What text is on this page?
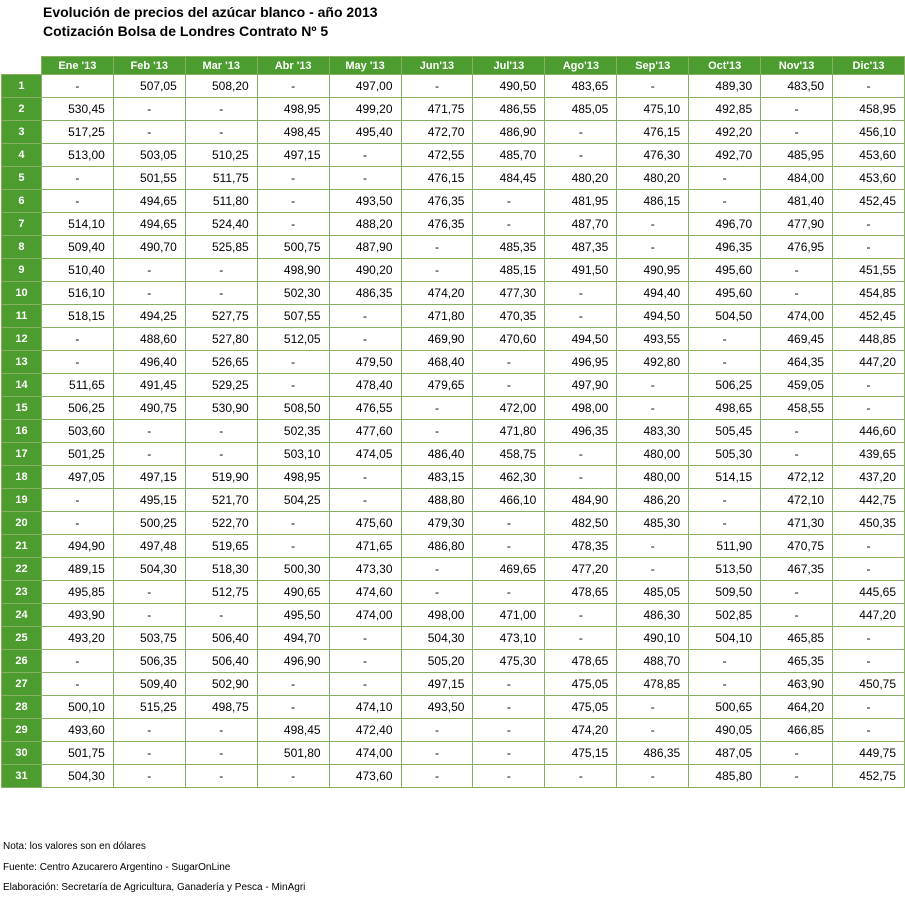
Evolución de precios del azúcar blanco - año 2013
Cotización Bolsa de Londres Contrato Nº 5
	Ene '13	Feb '13	Mar '13	Abr '13	May '13	Jun'13	Jul'13	Ago'13	Sep'13	Oct'13	Nov'13	Dic'13
1	-	507,05	508,20	-	497,00	-	490,50	483,65	-	489,30	483,50	-
2	530,45	-	-	498,95	499,20	471,75	486,55	485,05	475,10	492,85	-	458,95
3	517,25	-	-	498,45	495,40	472,70	486,90	-	476,15	492,20	-	456,10
4	513,00	503,05	510,25	497,15	-	472,55	485,70	-	476,30	492,70	485,95	453,60
5	-	501,55	511,75	-	-	476,15	484,45	480,20	480,20	-	484,00	453,60
6	-	494,65	511,80	-	493,50	476,35	-	481,95	486,15	-	481,40	452,45
7	514,10	494,65	524,40	-	488,20	476,35	-	487,70	-	496,70	477,90	-
8	509,40	490,70	525,85	500,75	487,90	-	485,35	487,35	-	496,35	476,95	-
9	510,40	-	-	498,90	490,20	-	485,15	491,50	490,95	495,60	-	451,55
10	516,10	-	-	502,30	486,35	474,20	477,30	-	494,40	495,60	-	454,85
11	518,15	494,25	527,75	507,55	-	471,80	470,35	-	494,50	504,50	474,00	452,45
12	-	488,60	527,80	512,05	-	469,90	470,60	494,50	493,55	-	469,45	448,85
13	-	496,40	526,65	-	479,50	468,40	-	496,95	492,80	-	464,35	447,20
14	511,65	491,45	529,25	-	478,40	479,65	-	497,90	-	506,25	459,05	-
15	506,25	490,75	530,90	508,50	476,55	-	472,00	498,00	-	498,65	458,55	-
16	503,60	-	-	502,35	477,60	-	471,80	496,35	483,30	505,45	-	446,60
17	501,25	-	-	503,10	474,05	486,40	458,75	-	480,00	505,30	-	439,65
18	497,05	497,15	519,90	498,95	-	483,15	462,30	-	480,00	514,15	472,12	437,20
19	-	495,15	521,70	504,25	-	488,80	466,10	484,90	486,20	-	472,10	442,75
20	-	500,25	522,70	-	475,60	479,30	-	482,50	485,30	-	471,30	450,35
21	494,90	497,48	519,65	-	471,65	486,80	-	478,35	-	511,90	470,75	-
22	489,15	504,30	518,30	500,30	473,30	-	469,65	477,20	-	513,50	467,35	-
23	495,85	-	512,75	490,65	474,60	-	-	478,65	485,05	509,50	-	445,65
24	493,90	-	-	495,50	474,00	498,00	471,00	-	486,30	502,85	-	447,20
25	493,20	503,75	506,40	494,70	-	504,30	473,10	-	490,10	504,10	465,85	-
26	-	506,35	506,40	496,90	-	505,20	475,30	478,65	488,70	-	465,35	-
27	-	509,40	502,90	-	-	497,15	-	475,05	478,85	-	463,90	450,75
28	500,10	515,25	498,75	-	474,10	493,50	-	475,05	-	500,65	464,20	-
29	493,60	-	-	498,45	472,40	-	-	474,20	-	490,05	466,85	-
30	501,75	-	-	501,80	474,00	-	-	475,15	486,35	487,05	-	449,75
31	504,30	-	-	-	473,60	-	-	-	-	485,80	-	452,75
Nota: los valores son en dólares
Fuente: Centro Azucarero Argentino - SugarOnLine
Elaboración: Secretaría de Agricultura, Ganadería y Pesca - MinAgri
